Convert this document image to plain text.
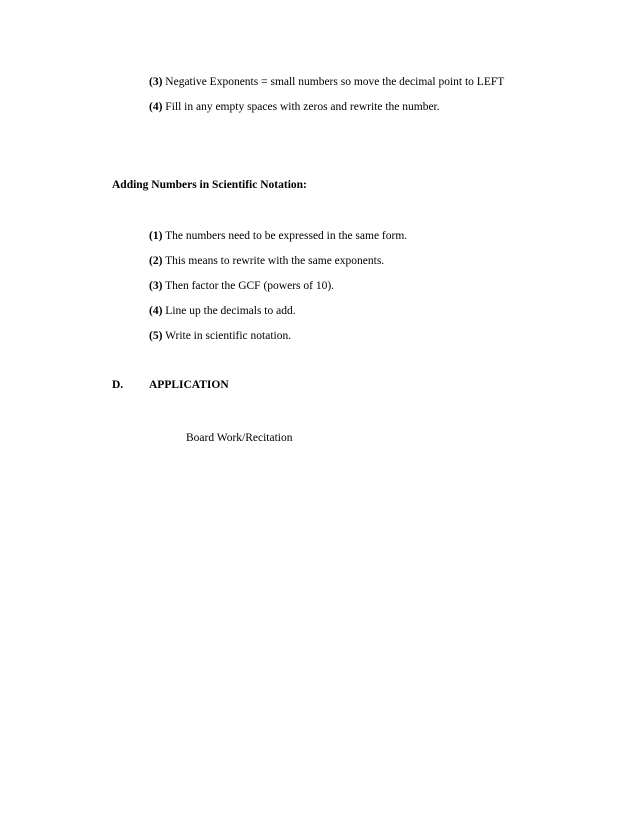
(3) Negative Exponents = small numbers so move the decimal point to LEFT
(4) Fill in any empty spaces with zeros and rewrite the number.
Adding Numbers in Scientific Notation:
(1) The numbers need to be expressed in the same form.
(2) This means to rewrite with the same exponents.
(3) Then factor the GCF (powers of 10).
(4) Line up the decimals to add.
(5) Write in scientific notation.
D. APPLICATION
Board Work/Recitation
